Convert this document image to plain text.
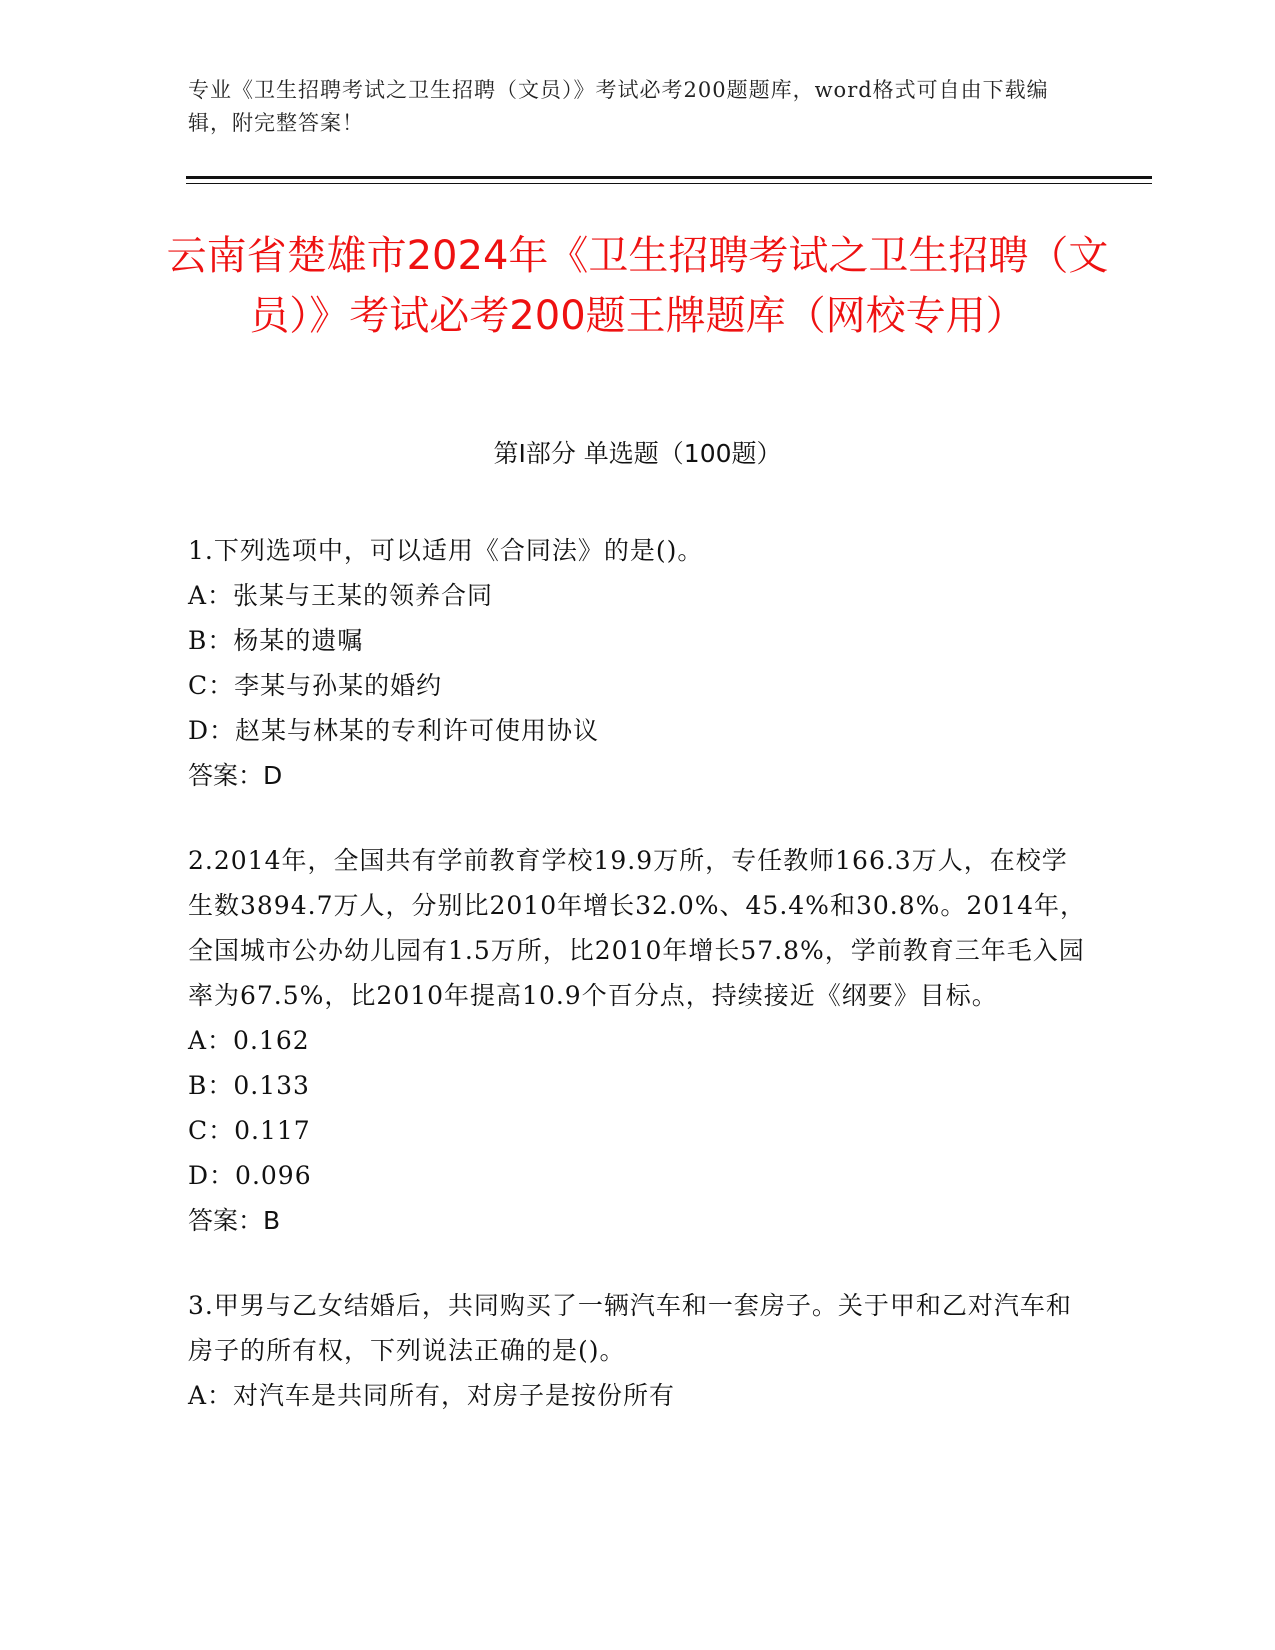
专业《卫生招聘考试之卫生招聘（文员）》考试必考200题题库，word格式可自由下载编辑，附完整答案！
云南省楚雄市2024年《卫生招聘考试之卫生招聘（文员）》考试必考200题王牌题库（网校专用）
第I部分 单选题（100题）
1.下列选项中，可以适用《合同法》的是()。
A：张某与王某的领养合同
B：杨某的遗嘱
C：李某与孙某的婚约
D：赵某与林某的专利许可使用协议
答案：D
2.2014年，全国共有学前教育学校19.9万所，专任教师166.3万人，在校学生数3894.7万人，分别比2010年增长32.0%、45.4%和30.8%。2014年，全国城市公办幼儿园有1.5万所，比2010年增长57.8%，学前教育三年毛入园率为67.5%，比2010年提高10.9个百分点，持续接近《纲要》目标。
A：0.162
B：0.133
C：0.117
D：0.096
答案：B
3.甲男与乙女结婚后，共同购买了一辆汽车和一套房子。关于甲和乙对汽车和房子的所有权，下列说法正确的是()。
A：对汽车是共同所有，对房子是按份所有
